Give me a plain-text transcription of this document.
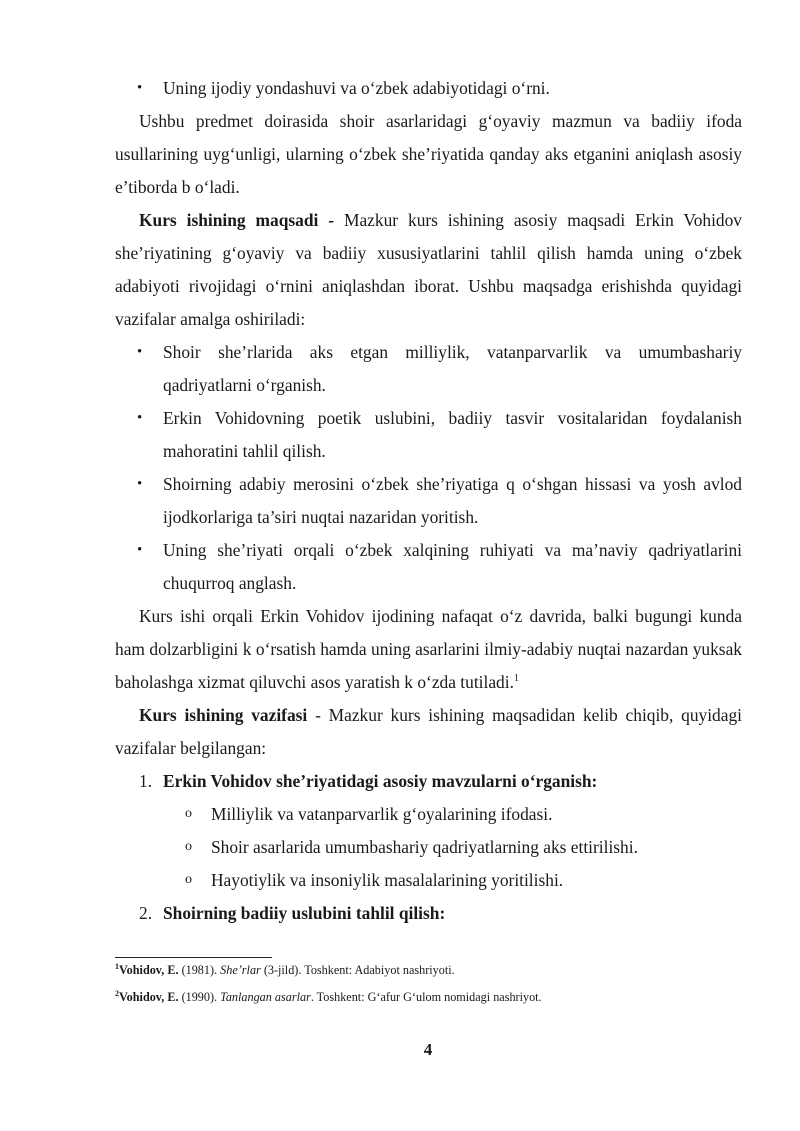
• Uning ijodiy yondashuvi va o‘zbek adabiyotidagi o‘rni.

Ushbu predmet doirasida shoir asarlaridagi g‘oyaviy mazmun va badiiy ifoda usullarining uyg‘unligi, ularning o‘zbek she’riyatida qanday aks etganini aniqlash asosiy e’tiborda b o‘ladi.

Kurs ishining maqsadi - Mazkur kurs ishining asosiy maqsadi Erkin Vohidov she’riyatining g‘oyaviy va badiiy xususiyatlarini tahlil qilish hamda uning o‘zbek adabiyoti rivojidagi o‘rnini aniqlashdan iborat. Ushbu maqsadga erishishda quyidagi vazifalar amalga oshiriladi:

• Shoir she’rlarida aks etgan milliylik, vatanparvarlik va umumbashariy qadriyatlarni o‘rganish.
• Erkin Vohidovning poetik uslubini, badiiy tasvir vositalaridan foydalanish mahoratini tahlil qilish.
• Shoirning adabiy merosini o‘zbek she’riyatiga q o‘shgan hissasi va yosh avlod ijodkorlariga ta’siri nuqtai nazaridan yoritish.
• Uning she’riyati orqali o‘zbek xalqining ruhiyati va ma’naviy qadriyatlarini chuqurroq anglash.

Kurs ishi orqali Erkin Vohidov ijodining nafaqat o‘z davrida, balki bugungi kunda ham dolzarbligini k o‘rsatish hamda uning asarlarini ilmiy-adabiy nuqtai nazardan yuksak baholashga xizmat qiluvchi asos yaratish k o‘zda tutiladi.$^1$

Kurs ishining vazifasi - Mazkur kurs ishining maqsadidan kelib chiqib, quyidagi vazifalar belgilangan:

1. Erkin Vohidov she’riyatidagi asosiy mavzularni o‘rganish:
o Milliylik va vatanparvarlik g‘oyalarining ifodasi.
o Shoir asarlarida umumbashariy qadriyatlarning aks ettirilishi.
o Hayotiylik va insoniylik masalalarining yoritilishi.
2. Shoirning badiiy uslubini tahlil qilish:

$^1$Vohidov, E. (1981). She’rlar (3-jild). Toshkent: Adabiyot nashriyoti.

$^2$Vohidov, E. (1990). Tanlangan asarlar. Toshkent: G‘afur G‘ulom nomidagi nashriyot.

4
